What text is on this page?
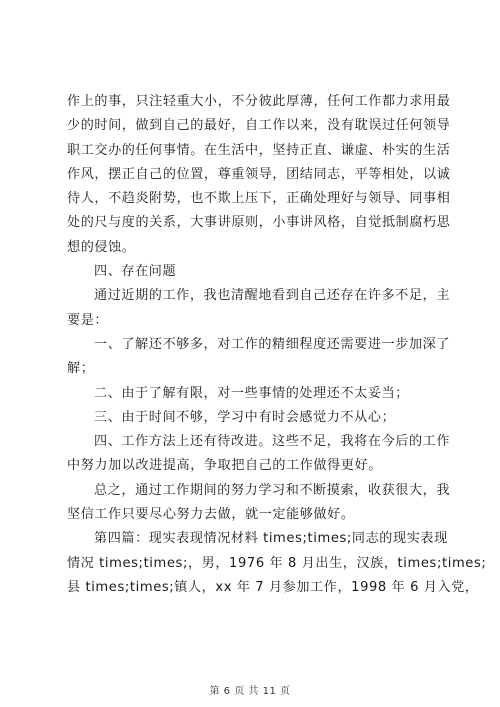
作上的事，只注轻重大小，不分彼此厚薄，任何工作都力求用最
少的时间，做到自己的最好，自工作以来，没有耽误过任何领导
职工交办的任何事情。在生活中，坚持正直、谦虚、朴实的生活
作风，摆正自己的位置，尊重领导，团结同志，平等相处，以诚
待人，不趋炎附势，也不欺上压下，正确处理好与领导、同事相
处的尺与度的关系，大事讲原则，小事讲风格，自觉抵制腐朽思
想的侵蚀。
四、存在问题
通过近期的工作，我也清醒地看到自己还存在许多不足，主
要是：
一、了解还不够多，对工作的精细程度还需要进一步加深了
解；
二、由于了解有限，对一些事情的处理还不太妥当；
三、由于时间不够，学习中有时会感觉力不从心；
四、工作方法上还有待改进。这些不足，我将在今后的工作
中努力加以改进提高，争取把自己的工作做得更好。
总之，通过工作期间的努力学习和不断摸索，收获很大，我
坚信工作只要尽心努力去做，就一定能够做好。
第四篇：现实表现情况材料 times;times;同志的现实表现
情况 times;times;，男，1976 年 8 月出生，汉族，times;times;
县 times;times;镇人，xx 年 7 月参加工作，1998 年 6 月入党，
第 6 页 共 11 页
